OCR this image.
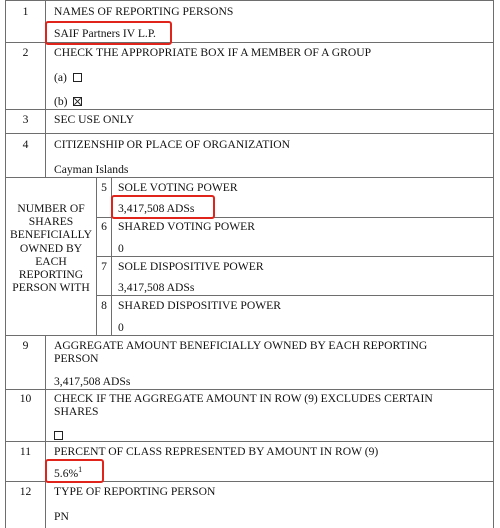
1	NAMES OF REPORTING PERSONS
SAIF Partners IV L.P.
2	CHECK THE APPROPRIATE BOX IF A MEMBER OF A GROUP
(a)
(b)
3	SEC USE ONLY
4	CITIZENSHIP OR PLACE OF ORGANIZATION
Cayman Islands
NUMBER OF SHARES BENEFICIALLY OWNED BY EACH REPORTING PERSON WITH
5 SOLE VOTING POWER
3,417,508 ADSs
6 SHARED VOTING POWER
0
7 SOLE DISPOSITIVE POWER
3,417,508 ADSs
8 SHARED DISPOSITIVE POWER
0
9	AGGREGATE AMOUNT BENEFICIALLY OWNED BY EACH REPORTING PERSON
3,417,508 ADSs
10	CHECK IF THE AGGREGATE AMOUNT IN ROW (9) EXCLUDES CERTAIN SHARES
11	PERCENT OF CLASS REPRESENTED BY AMOUNT IN ROW (9)
5.6%$^1$
12	TYPE OF REPORTING PERSON
PN
